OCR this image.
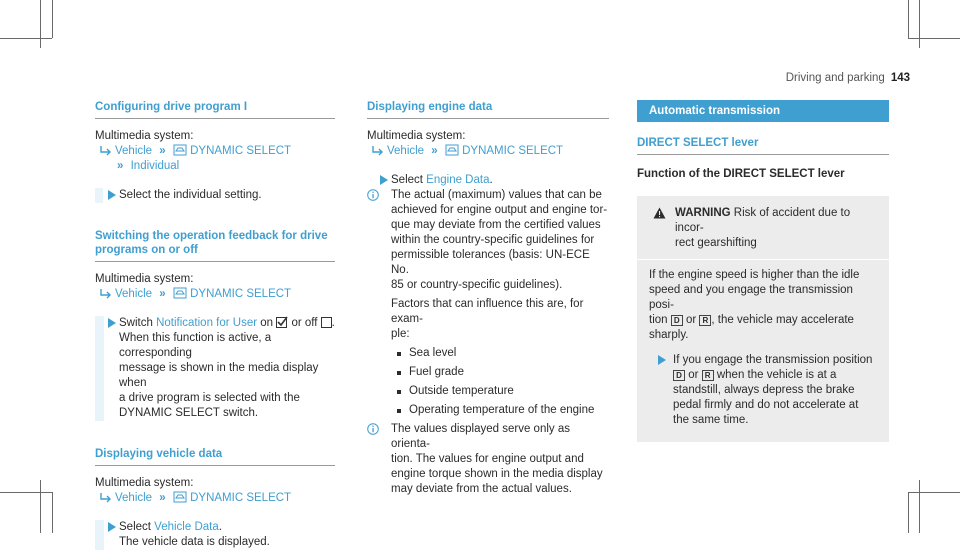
Driving and parking 143
Configuring drive program I
Multimedia system:
Vehicle » DYNAMIC SELECT
» Individual
Select the individual setting.
Switching the operation feedback for drive
programs on or off
Multimedia system:
Vehicle » DYNAMIC SELECT
Switch Notification for User on or off .
When this function is active, a corresponding
message is shown in the media display when
a drive program is selected with the
DYNAMIC SELECT switch.
Displaying vehicle data
Multimedia system:
Vehicle » DYNAMIC SELECT
Select Vehicle Data.
The vehicle data is displayed.
Displaying engine data
Multimedia system:
Vehicle » DYNAMIC SELECT
Select Engine Data.
The actual (maximum) values that can be
achieved for engine output and engine tor-
que may deviate from the certified values
within the country-specific guidelines for
permissible tolerances (basis: UN-ECE No.
85 or country-specific guidelines).
Factors that can influence this are, for exam-
ple:
Sea level
Fuel grade
Outside temperature
Operating temperature of the engine
The values displayed serve only as orienta-
tion. The values for engine output and
engine torque shown in the media display
may deviate from the actual values.
Automatic transmission
DIRECT SELECT lever
Function of the DIRECT SELECT lever
WARNING Risk of accident due to incor-
rect gearshifting
If the engine speed is higher than the idle
speed and you engage the transmission posi-
tion D or R , the vehicle may accelerate
sharply.
If you engage the transmission position
D or R when the vehicle is at a
standstill, always depress the brake
pedal firmly and do not accelerate at
the same time.
